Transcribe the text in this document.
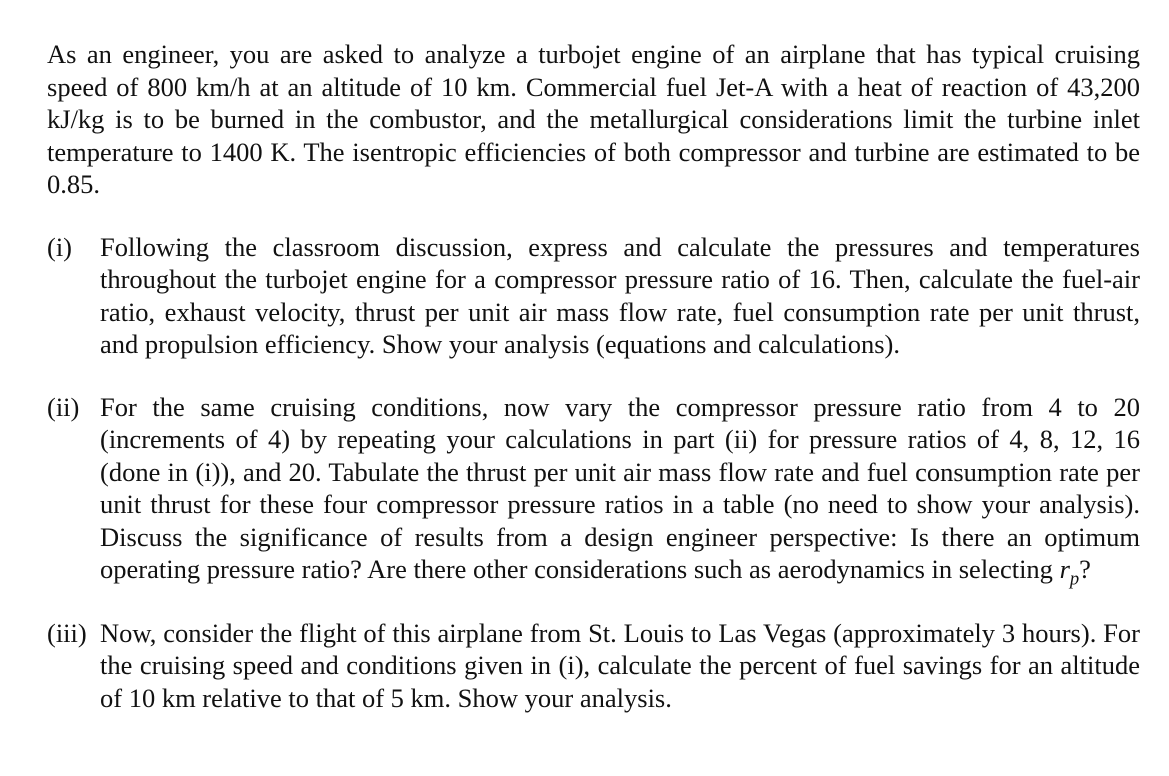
As an engineer, you are asked to analyze a turbojet engine of an airplane that has typical cruising speed of 800 km/h at an altitude of 10 km. Commercial fuel Jet-A with a heat of reaction of 43,200 kJ/kg is to be burned in the combustor, and the metallurgical considerations limit the turbine inlet temperature to 1400 K. The isentropic efficiencies of both compressor and turbine are estimated to be 0.85.

(i)	Following the classroom discussion, express and calculate the pressures and temperatures throughout the turbojet engine for a compressor pressure ratio of 16. Then, calculate the fuel-air ratio, exhaust velocity, thrust per unit air mass flow rate, fuel consumption rate per unit thrust, and propulsion efficiency. Show your analysis (equations and calculations).
(ii) For the same cruising conditions, now vary the compressor pressure ratio from 4 to 20 (increments of 4) by repeating your calculations in part (ii) for pressure ratios of 4, 8, 12, 16 (done in (i)), and 20. Tabulate the thrust per unit air mass flow rate and fuel consumption rate per unit thrust for these four compressor pressure ratios in a table (no need to show your analysis). Discuss the significance of results from a design engineer perspective: Is there an optimum operating pressure ratio? Are there other considerations such as aerodynamics in selecting $r_p$?
(iii) Now, consider the flight of this airplane from St. Louis to Las Vegas (approximately 3 hours). For the cruising speed and conditions given in (i), calculate the percent of fuel savings for an altitude of 10 km relative to that of 5 km. Show your analysis.
